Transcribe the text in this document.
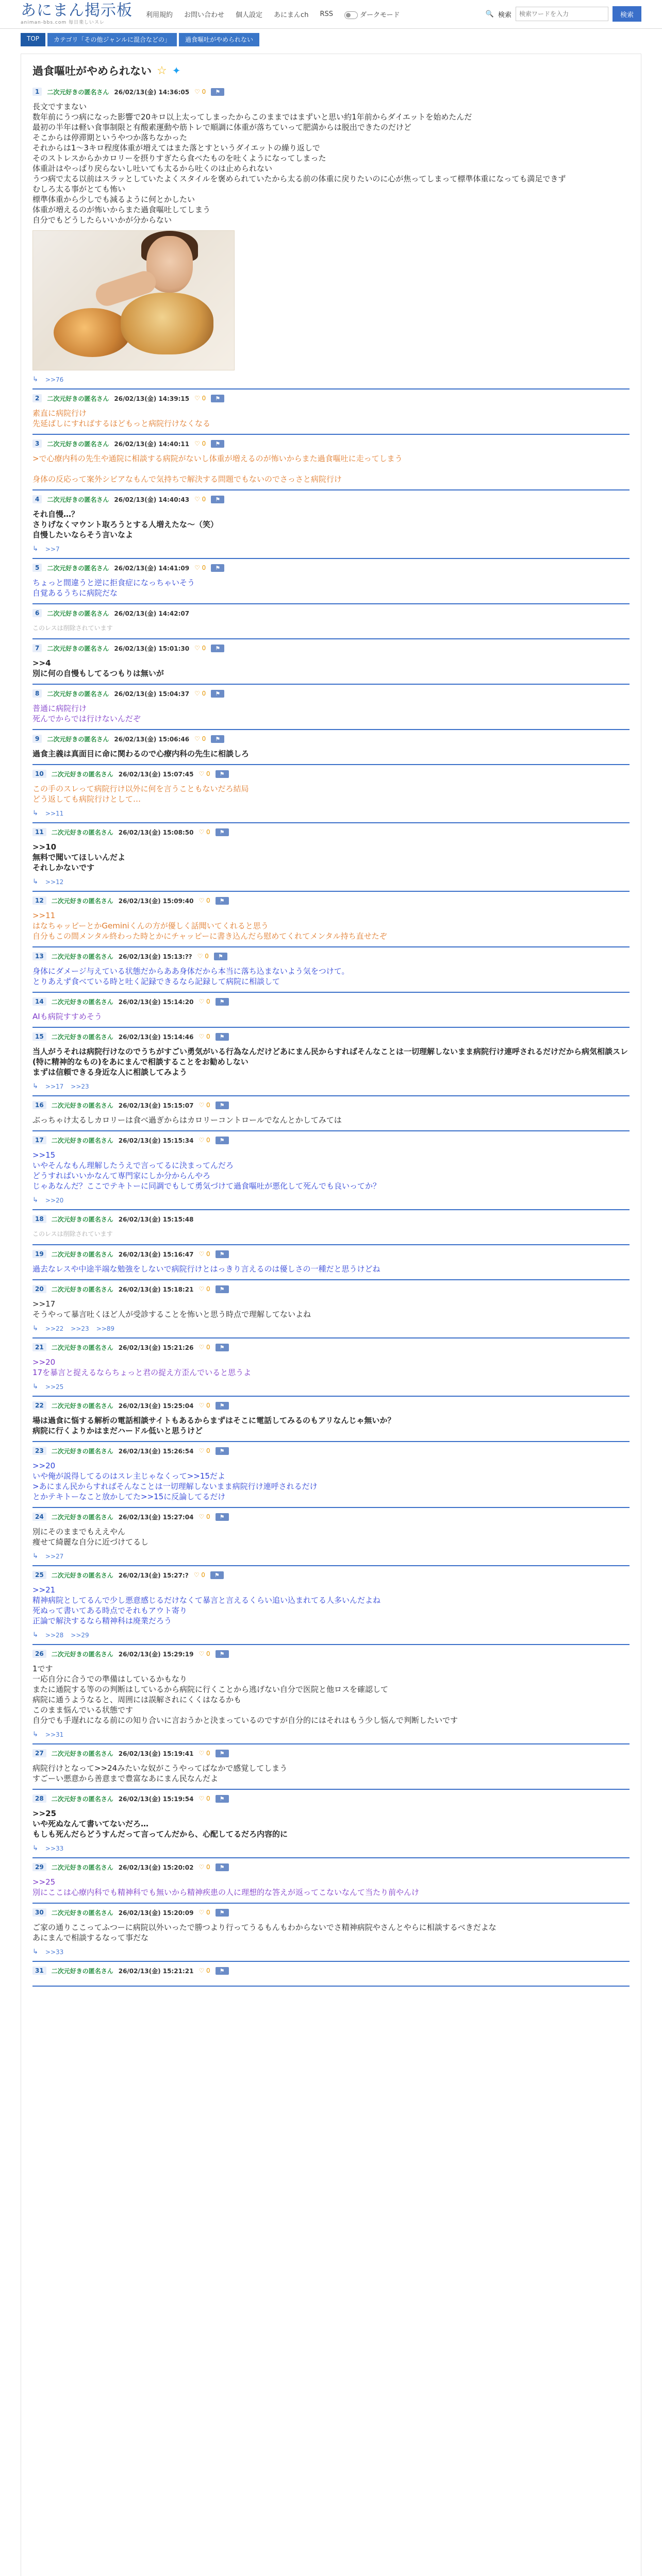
あにまん掲示板
animan-bbs.com 毎日楽しいスレ
利用規約 お問い合わせ 個人設定 あにまんch RSS	ダークモード	🔍 検索
検索ワードを入力	検索
TOP	カテゴリ「その他ジャンルに混合などの」	過食嘔吐がやめられない
過食嘔吐がやめられない ☆ ✦
1	二次元好きの匿名さん 26/02/13(金) 14:36:05 ♡ 0	⚑
長文ですまない
数年前にうつ病になった影響で20キロ以上太ってしまったからこのままではまずいと思い約1年前からダイエットを始めたんだ
最初の半年は軽い食事制限と有酸素運動や筋トレで順調に体重が落ちていって肥満からは脱出できたのだけど
そこからは停滞期というやつか落ちなかった
それからは1～3キロ程度体重が増えてはまた落とすというダイエットの繰り返しで
そのストレスからかカロリーを摂りすぎたら食べたものを吐くようになってしまった
体重計はやっぱり戻らないし吐いても太るから吐くのは止められない
うつ病で太る以前はスラッとしていたよくスタイルを褒められていたから太る前の体重に戻りたいのに心が焦ってしまって標準体重になっても満足できず
むしろ太る事がとても怖い
標準体重から少しでも減るように何とかしたい
体重が増えるのが怖いからまた過食嘔吐してしまう
自分でもどうしたらいいかが分からない
↳ >>76
2	二次元好きの匿名さん 26/02/13(金) 14:39:15 ♡ 0	⚑
素直に病院行け
先延ばしにすればするほどもっと病院行けなくなる
3	二次元好きの匿名さん 26/02/13(金) 14:40:11 ♡ 0	⚑
>で心療内科の先生や通院に相談する病院がないし体重が増えるのが怖いからまた過食嘔吐に走ってしまう

身体の反応って案外シビアなもんで気持ちで解決する問題でもないのでさっさと病院行け
4	二次元好きの匿名さん 26/02/13(金) 14:40:43 ♡ 0	⚑
それ自慢…？
さりげなくマウント取ろうとする人増えたな～（笑）
自慢したいならそう言いなよ
↳ >>7
5	二次元好きの匿名さん 26/02/13(金) 14:41:09 ♡ 0	⚑
ちょっと間違うと逆に拒食症になっちゃいそう
自覚あるうちに病院だな
6	二次元好きの匿名さん 26/02/13(金) 14:42:07
このレスは削除されています
7	二次元好きの匿名さん 26/02/13(金) 15:01:30 ♡ 0	⚑
>>4
別に何の自慢もしてるつもりは無いが
8	二次元好きの匿名さん 26/02/13(金) 15:04:37 ♡ 0	⚑
普通に病院行け
死んでからでは行けないんだぞ
9	二次元好きの匿名さん 26/02/13(金) 15:06:46 ♡ 0	⚑
過食主義は真面目に命に関わるので心療内科の先生に相談しろ
10	二次元好きの匿名さん 26/02/13(金) 15:07:45 ♡ 0	⚑
この手のスレって病院行け以外に何を言うこともないだろ結局
どう返しても病院行けとして…
↳ >>11
11	二次元好きの匿名さん 26/02/13(金) 15:08:50 ♡ 0	⚑
>>10
無料で聞いてほしいんだよ
それしかないです
↳ >>12
12	二次元好きの匿名さん 26/02/13(金) 15:09:40 ♡ 0	⚑
>>11
はなちゃッピーとかGeminiくんの方が優しく話聞いてくれると思う
自分もこの間メンタル終わった時とかにチャッピーに書き込んだら慰めてくれてメンタル持ち直せたぞ
13	二次元好きの匿名さん 26/02/13(金) 15:13:?? ♡ 0	⚑
身体にダメージ与えている状態だからああ身体だから本当に落ち込まないよう気をつけて。
とりあえず食べている時と吐く記録できるなら記録して病院に相談して
14	二次元好きの匿名さん 26/02/13(金) 15:14:20 ♡ 0	⚑
AIも病院すすめそう
15	二次元好きの匿名さん 26/02/13(金) 15:14:46 ♡ 0	⚑
当人がうそれは病院行けなのでうちがすごい勇気がいる行為なんだけどあにまん民からすればそんなことは一切理解しないまま病院行け連呼されるだけだから病気相談スレ(特に精神的なもの)をあにまんで相談することをお勧めしない
まずは信頼できる身近な人に相談してみよう
↳ >>17 >>23
16	二次元好きの匿名さん 26/02/13(金) 15:15:07 ♡ 0	⚑
ぶっちゃけ太るしカロリーは食べ過ぎからはカロリーコントロールでなんとかしてみては
17	二次元好きの匿名さん 26/02/13(金) 15:15:34 ♡ 0	⚑
>>15
いやそんなもん理解したうえで言ってるに決まってんだろ
どうすればいいかなんて専門家にしか分からんやろ
じゃあなんだ？ここでテキトーに同調でもして勇気づけて過食嘔吐が悪化して死んでも良いってか？
↳ >>20
18	二次元好きの匿名さん 26/02/13(金) 15:15:48
このレスは削除されています
19	二次元好きの匿名さん 26/02/13(金) 15:16:47 ♡ 0	⚑
過去なレスや中途半端な勉強をしないで病院行けとはっきり言えるのは優しさの一種だと思うけどね
20	二次元好きの匿名さん 26/02/13(金) 15:18:21 ♡ 0	⚑
>>17
そうやって暴言吐くほど人が受診することを怖いと思う時点で理解してないよね
↳ >>22 >>23 >>89
21	二次元好きの匿名さん 26/02/13(金) 15:21:26 ♡ 0	⚑
>>20
17を暴言と捉えるならちょっと君の捉え方歪んでいると思うよ
↳ >>25
22	二次元好きの匿名さん 26/02/13(金) 15:25:04 ♡ 0	⚑
場は過食に悩する解析の電話相談サイトもあるからまずはそこに電話してみるのもアリなんじゃ無いか？
病院に行くよりかはまだハードル低いと思うけど
23	二次元好きの匿名さん 26/02/13(金) 15:26:54 ♡ 0	⚑
>>20
いや俺が説得してるのはスレ主じゃなくって>>15だよ
>あにまん民からすればそんなことは一切理解しないまま病院行け連呼されるだけ
とかテキトーなこと放かしてた>>15に反論してるだけ
24	二次元好きの匿名さん 26/02/13(金) 15:27:04 ♡ 0	⚑
別にそのままでもええやん
痩せて綺麗な自分に近づけてるし
↳ >>27
25	二次元好きの匿名さん 26/02/13(金) 15:27:? ♡ 0	⚑
>>21
精神病院としてるんで少し悪意感じるだけなくて暴言と言えるくらい追い込まれてる人多いんだよね
死ぬって書いてある時点でそれもアウト寄り
正論で解決するなら精神科は廃業だろう
↳ >>28 >>29
26	二次元好きの匿名さん 26/02/13(金) 15:29:19 ♡ 0	⚑
1です
一応自分に合うでの準備はしているかもなり
またに通院する等のの判断はしているから病院に行くことから逃げない自分で医院と他ロスを確認して
病院に通うようなると、周囲には誤解されにくくはなるかも
このまま悩んでいる状態です
自分でも手遅れになる前にの知り合いに言おうかと決まっているのですが自分的にはそれはもう少し悩んで判断したいです
↳ >>31
27	二次元好きの匿名さん 26/02/13(金) 15:19:41 ♡ 0	⚑
病院行けとなって>>24みたいな奴がこうやってばなかで感覚してしまう
すごーい悪意から善意まで豊富なあにまん民なんだよ
28	二次元好きの匿名さん 26/02/13(金) 15:19:54 ♡ 0	⚑
>>25
いや死ぬなんて書いてないだろ…
もしも死んだらどうすんだって言ってんだから、心配してるだろ内容的に
↳ >>33
29	二次元好きの匿名さん 26/02/13(金) 15:20:02 ♡ 0	⚑
>>25
別にここは心療内科でも精神科でも無いから精神疾患の人に理想的な答えが返ってこないなんて当たり前やんけ
30	二次元好きの匿名さん 26/02/13(金) 15:20:09 ♡ 0	⚑
ご家の通りここってふつーに病院以外いったで勝つより行ってうるもんもわからないでさ精神病院やさんとやらに相談するべきだよな
あにまんで相談するなって事だな
↳ >>33
31	二次元好きの匿名さん 26/02/13(金) 15:21:21 ♡ 0	⚑
